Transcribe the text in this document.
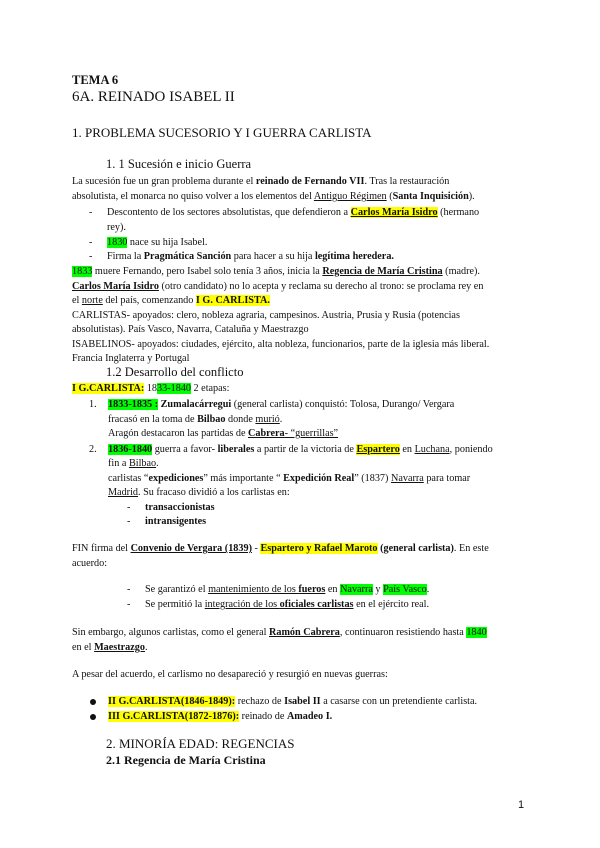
TEMA 6
6A. REINADO ISABEL II
1. PROBLEMA SUCESORIO Y I GUERRA CARLISTA
1. 1 Sucesión e inicio Guerra
La sucesión fue un gran problema durante el reinado de Fernando VII. Tras la restauración
absolutista, el monarca no quiso volver a los elementos del Antiguo Régimen (Santa Inquisición).
- Descontento de los sectores absolutistas, que defendieron a Carlos María Isidro (hermano
rey).
- 1830 nace su hija Isabel.
- Firma la Pragmática Sanción para hacer a su hija legítima heredera.
1833 muere Fernando, pero Isabel solo tenía 3 años, inicia la Regencia de María Cristina (madre).
Carlos María Isidro (otro candidato) no lo acepta y reclama su derecho al trono: se proclama rey en
el norte del país, comenzando I G. CARLISTA.
CARLISTAS- apoyados: clero, nobleza agraria, campesinos. Austria, Prusia y Rusia (potencias
absolutistas). País Vasco, Navarra, Cataluña y Maestrazgo
ISABELINOS- apoyados: ciudades, ejército, alta nobleza, funcionarios, parte de la iglesia más liberal.
Francia Inglaterra y Portugal
1.2 Desarrollo del conflicto
I G.CARLISTA: 1833-1840 2 etapas:
1. 1833-1835 : Zumalacárregui (general carlista) conquistó: Tolosa, Durango/ Vergara
fracasó en la toma de Bilbao donde murió.
Aragón destacaron las partidas de Cabrera- “guerrillas”
2. 1836-1840 guerra a favor- liberales a partir de la victoria de Espartero en Luchana, poniendo
fin a Bilbao.
carlistas “expediciones” más importante “ Expedición Real” (1837) Navarra para tomar
Madrid. Su fracaso dividió a los carlistas en:
- transaccionistas
- intransigentes
FIN firma del Convenio de Vergara (1839) - Espartero y Rafael Maroto (general carlista). En este
acuerdo:
- Se garantizó el mantenimiento de los fueros en Navarra y País Vasco.
- Se permitió la integración de los oficiales carlistas en el ejército real.
Sin embargo, algunos carlistas, como el general Ramón Cabrera, continuaron resistiendo hasta 1840
en el Maestrazgo.
A pesar del acuerdo, el carlismo no desapareció y resurgió en nuevas guerras:
II G.CARLISTA(1846-1849): rechazo de Isabel II a casarse con un pretendiente carlista.
III G.CARLISTA(1872-1876): reinado de Amadeo I.
2. MINORÍA EDAD: REGENCIAS
2.1 Regencia de María Cristina
1
